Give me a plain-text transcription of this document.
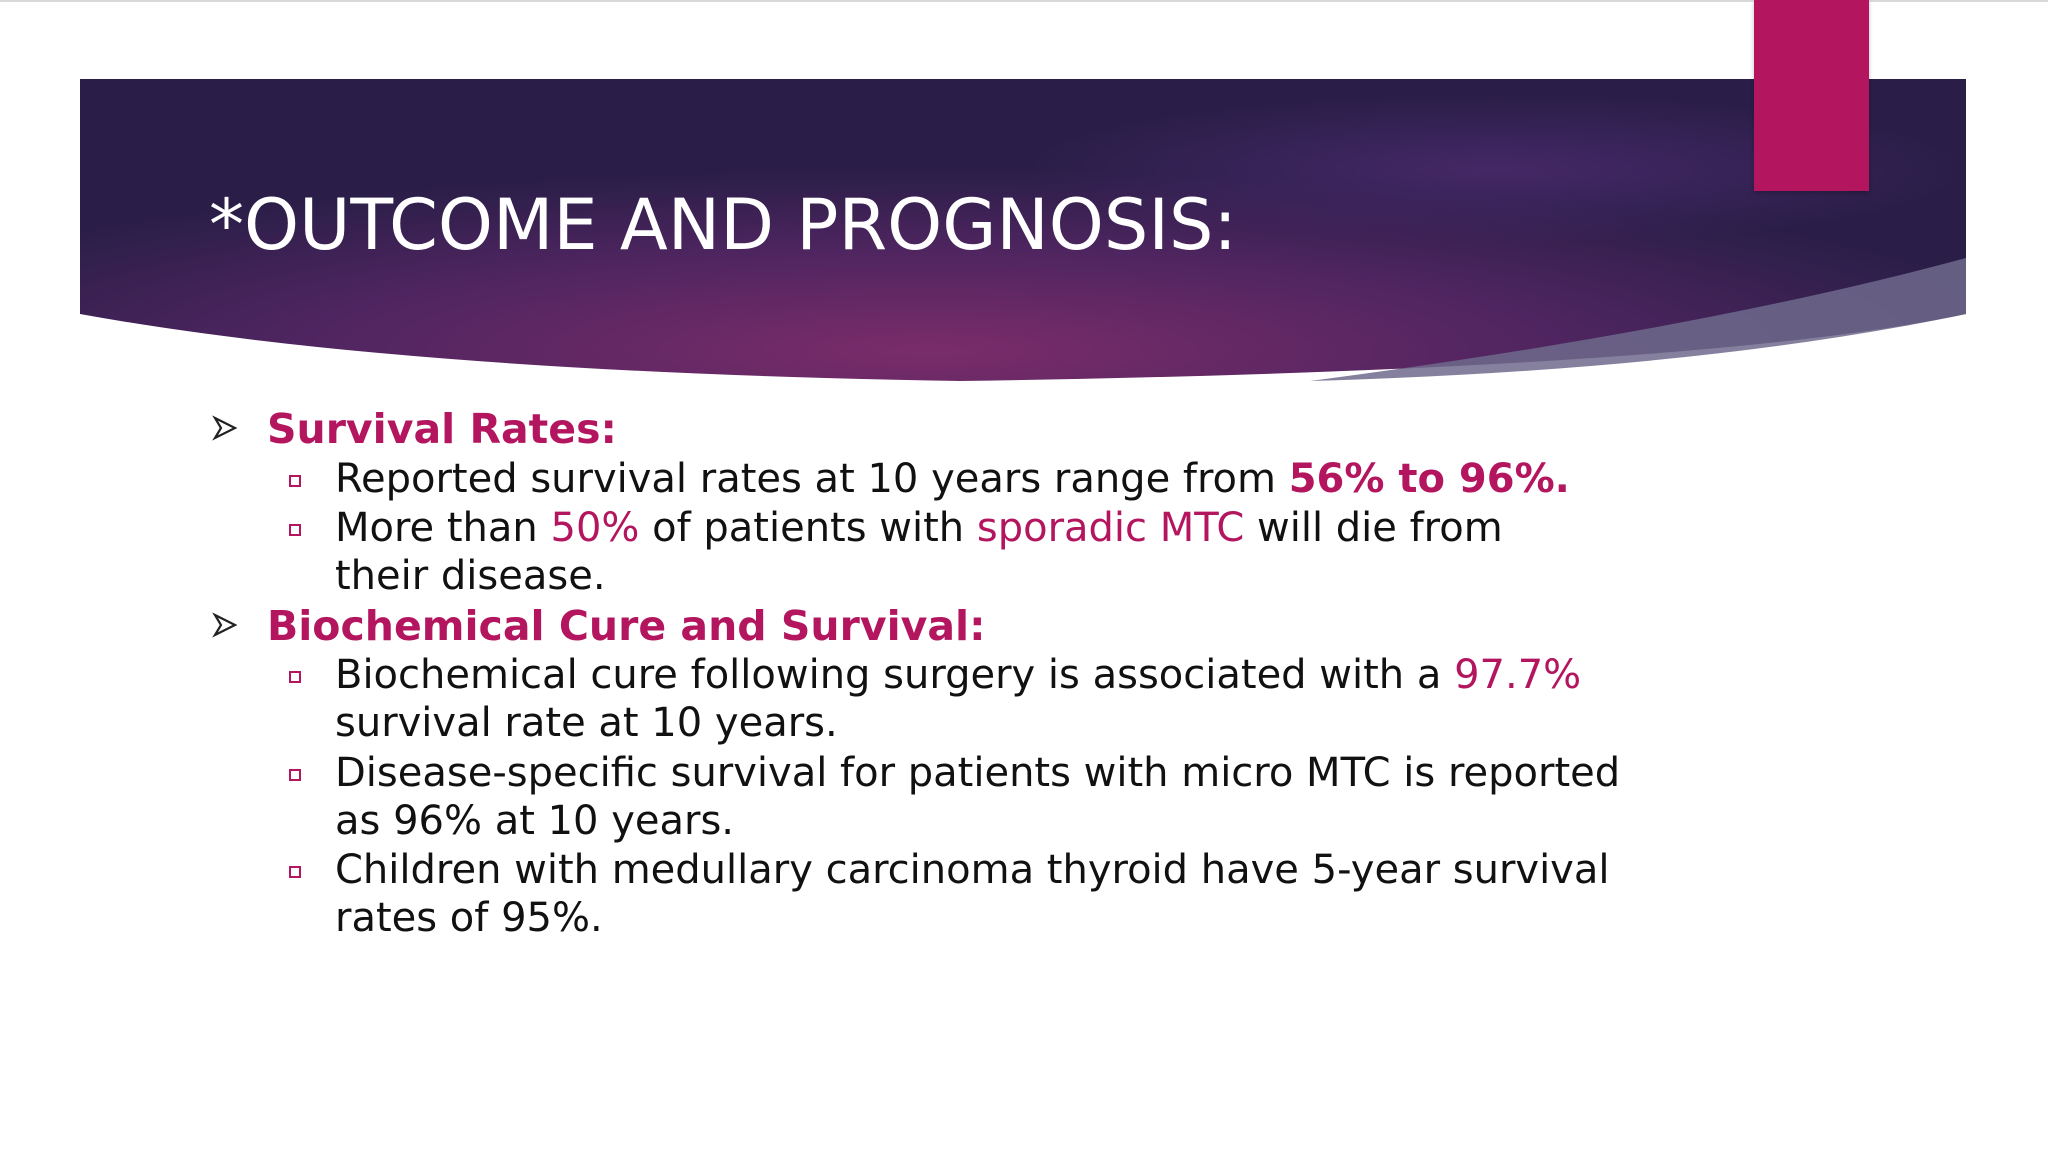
*OUTCOME AND PROGNOSIS:

Survival Rates:

Reported survival rates at 10 years range from 56% to 96%.

More than 50% of patients with sporadic MTC will die from

their disease.

Biochemical Cure and Survival:

Biochemical cure following surgery is associated with a 97.7%

survival rate at 10 years.

Disease-specific survival for patients with micro MTC is reported

as 96% at 10 years.

Children with medullary carcinoma thyroid have 5-year survival

rates of 95%.
